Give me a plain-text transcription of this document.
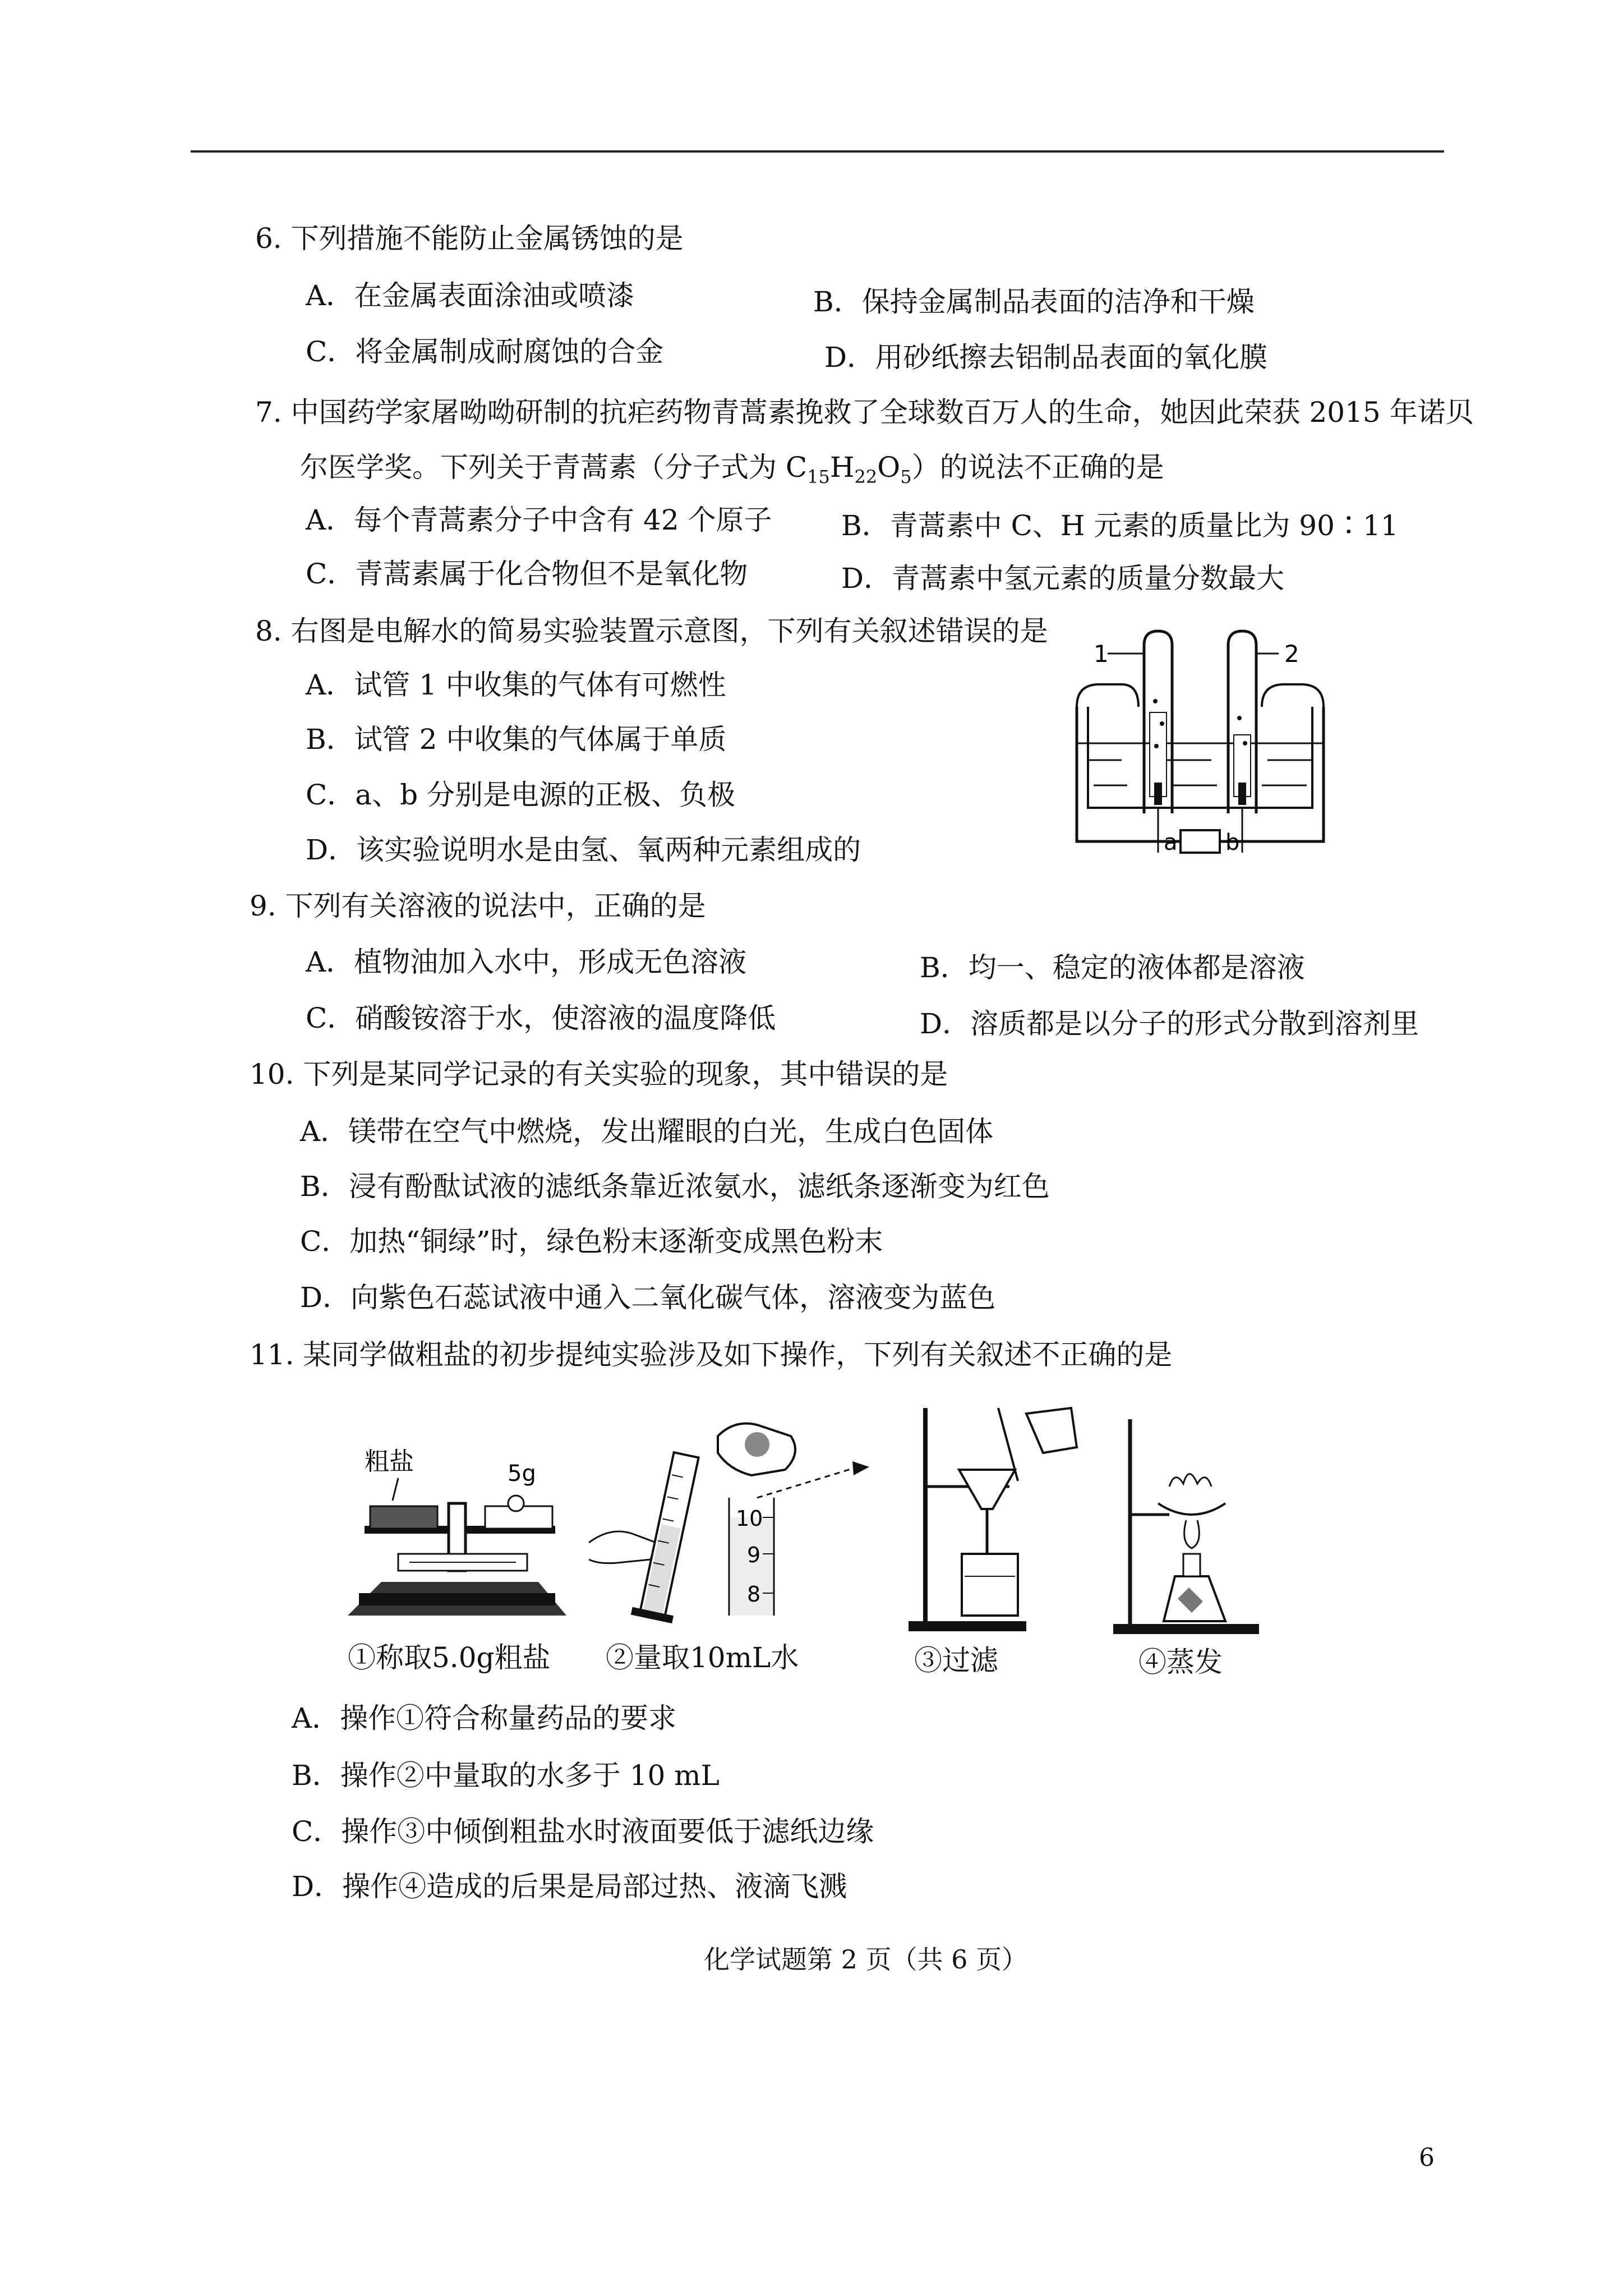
6. 下列措施不能防止金属锈蚀的是
A．在金属表面涂油或喷漆	B．保持金属制品表面的洁净和干燥
C．将金属制成耐腐蚀的合金	D．用砂纸擦去铝制品表面的氧化膜
7. 中国药学家屠呦呦研制的抗疟药物青蒿素挽救了全球数百万人的生命，她因此荣获 2015 年诺贝
尔医学奖。下列关于青蒿素（分子式为 $C_{15}H_{22}O_5$）的说法不正确的是
A．每个青蒿素分子中含有 42 个原子 B．青蒿素中 C、H 元素的质量比为 90∶11
C．青蒿素属于化合物但不是氧化物	D．青蒿素中氢元素的质量分数最大
8. 右图是电解水的简易实验装置示意图，下列有关叙述错误的是
A．试管 1 中收集的气体有可燃性
B．试管 2 中收集的气体属于单质
C．a、b 分别是电源的正极、负极
D．该实验说明水是由氢、氧两种元素组成的
1	2
a b
9. 下列有关溶液的说法中，正确的是
A．植物油加入水中，形成无色溶液	B．均一、稳定的液体都是溶液
C．硝酸铵溶于水，使溶液的温度降低	D．溶质都是以分子的形式分散到溶剂里
10. 下列是某同学记录的有关实验的现象，其中错误的是
A．镁带在空气中燃烧，发出耀眼的白光，生成白色固体
B．浸有酚酞试液的滤纸条靠近浓氨水，滤纸条逐渐变为红色
C．加热“铜绿”时，绿色粉末逐渐变成黑色粉末
D．向紫色石蕊试液中通入二氧化碳气体，溶液变为蓝色
11. 某同学做粗盐的初步提纯实验涉及如下操作，下列有关叙述不正确的是
粗盐	5g
10
9
8
①称取5.0g粗盐 ②量取10mL水	③过滤	④蒸发
A．操作①符合称量药品的要求
B．操作②中量取的水多于 10 mL
C．操作③中倾倒粗盐水时液面要低于滤纸边缘
D．操作④造成的后果是局部过热、液滴飞溅
化学试题第 2 页（共 6 页）
6
